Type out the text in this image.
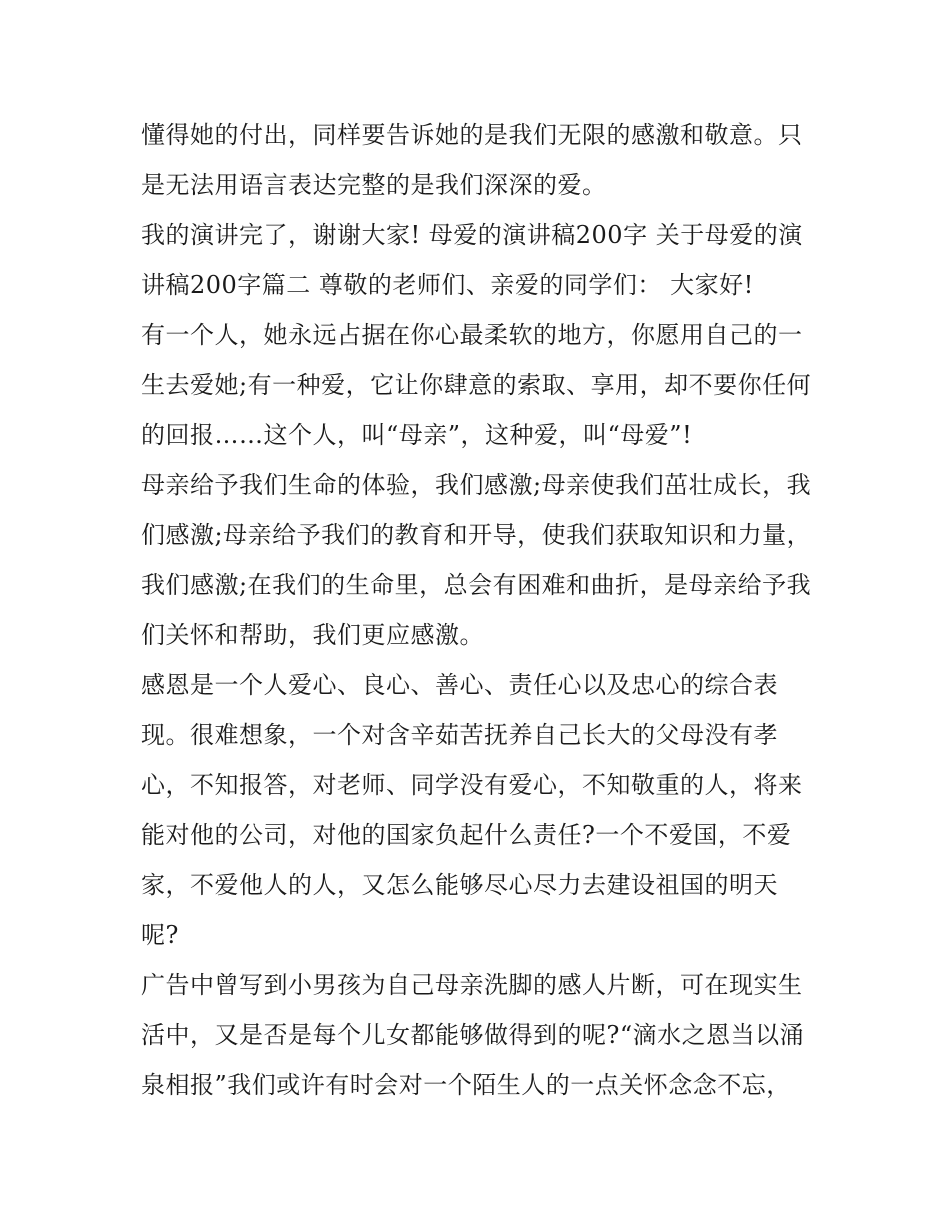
懂得她的付出，同样要告诉她的是我们无限的感激和敬意。只是无法用语言表达完整的是我们深深的爱。

我的演讲完了，谢谢大家! 母爱的演讲稿200字 关于母爱的演讲稿200字篇二 尊敬的老师们、亲爱的同学们： 大家好!

有一个人，她永远占据在你心最柔软的地方，你愿用自己的一生去爱她;有一种爱，它让你肆意的索取、享用，却不要你任何的回报……这个人，叫“母亲”，这种爱，叫“母爱”!

母亲给予我们生命的体验，我们感激;母亲使我们茁壮成长，我们感激;母亲给予我们的教育和开导，使我们获取知识和力量，我们感激;在我们的生命里，总会有困难和曲折，是母亲给予我们关怀和帮助，我们更应感激。

感恩是一个人爱心、良心、善心、责任心以及忠心的综合表现。很难想象，一个对含辛茹苦抚养自己长大的父母没有孝心，不知报答，对老师、同学没有爱心，不知敬重的人，将来能对他的公司，对他的国家负起什么责任?一个不爱国，不爱家，不爱他人的人，又怎么能够尽心尽力去建设祖国的明天呢?

广告中曾写到小男孩为自己母亲洗脚的感人片断，可在现实生活中，又是否是每个儿女都能够做得到的呢?“滴水之恩当以涌泉相报”我们或许有时会对一个陌生人的一点关怀念念不忘，
